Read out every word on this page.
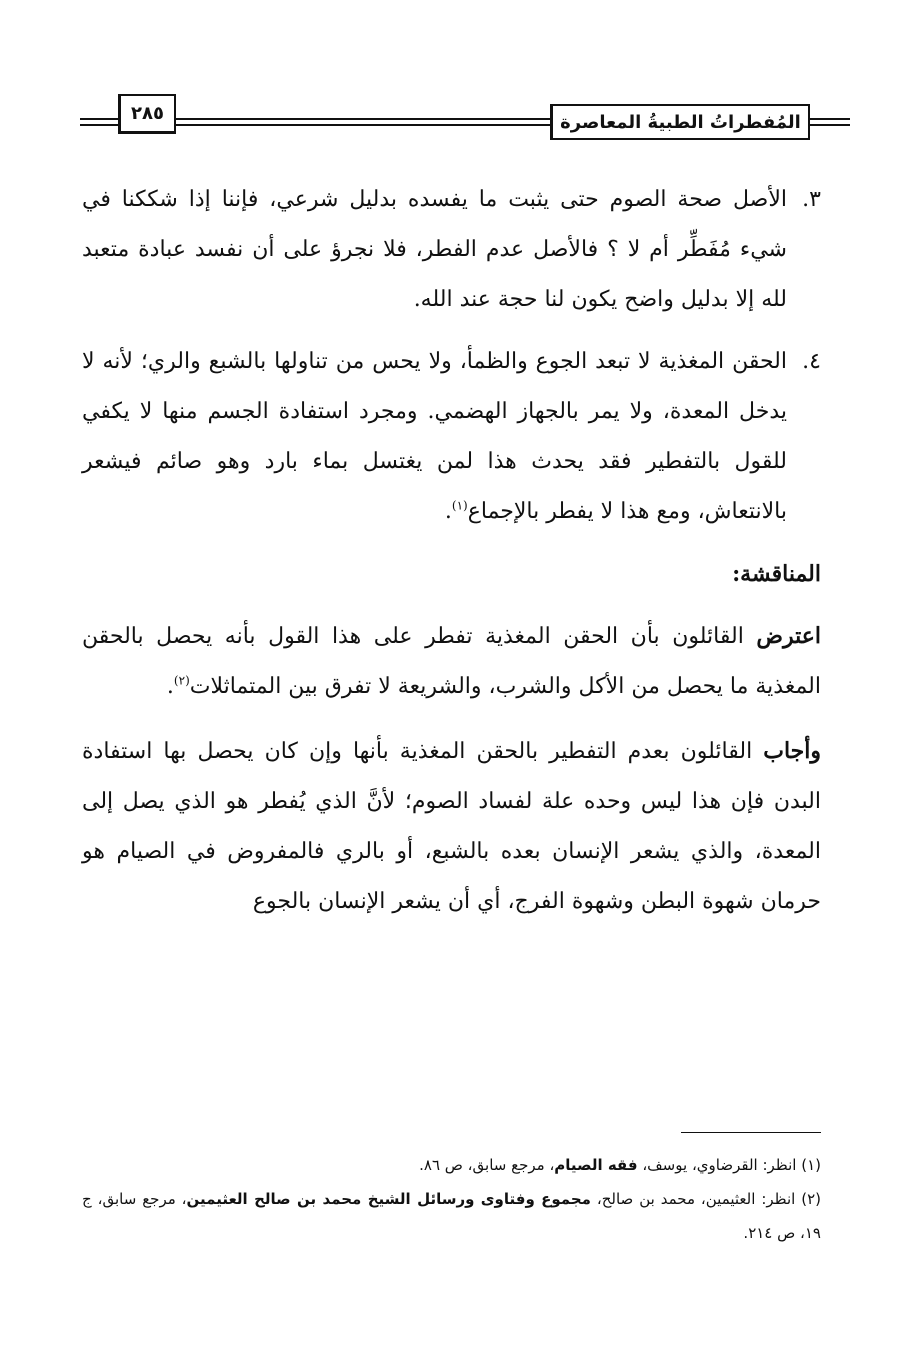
المُفطراتُ الطبيةُ المعاصرة
٢٨٥
٣.
الأصل صحة الصوم حتى يثبت ما يفسده بدليل شرعي، فإننا إذا شككنا في شيء مُفَطِّر أم لا ؟ فالأصل عدم الفطر، فلا نجرؤ على أن نفسد عبادة متعبد لله إلا بدليل واضح يكون لنا حجة عند الله.
٤.
الحقن المغذية لا تبعد الجوع والظمأ، ولا يحس من تناولها بالشبع والري؛ لأنه لا يدخل المعدة، ولا يمر بالجهاز الهضمي. ومجرد استفادة الجسم منها لا يكفي للقول بالتفطير فقد يحدث هذا لمن يغتسل بماء بارد وهو صائم فيشعر بالانتعاش، ومع هذا لا يفطر بالإجماع$^{(١)}$.
المناقشة:

اعترض القائلون بأن الحقن المغذية تفطر على هذا القول بأنه يحصل بالحقن المغذية ما يحصل من الأكل والشرب، والشريعة لا تفرق بين المتماثلات$^{(٢)}$.

وأجاب القائلون بعدم التفطير بالحقن المغذية بأنها وإن كان يحصل بها استفادة البدن فإن هذا ليس وحده علة لفساد الصوم؛ لأنَّ الذي يُفطر هو الذي يصل إلى المعدة، والذي يشعر الإنسان بعده بالشبع، أو بالري فالمفروض في الصيام هو حرمان شهوة البطن وشهوة الفرج، أي أن يشعر الإنسان بالجوع

(١) انظر: القرضاوي، يوسف، فقه الصيام، مرجع سابق، ص ٨٦.
(٢) انظر: العثيمين، محمد بن صالح، مجموع وفتاوى ورسائل الشيخ محمد بن صالح العثيمين، مرجع سابق، ج ١٩، ص ٢١٤.
